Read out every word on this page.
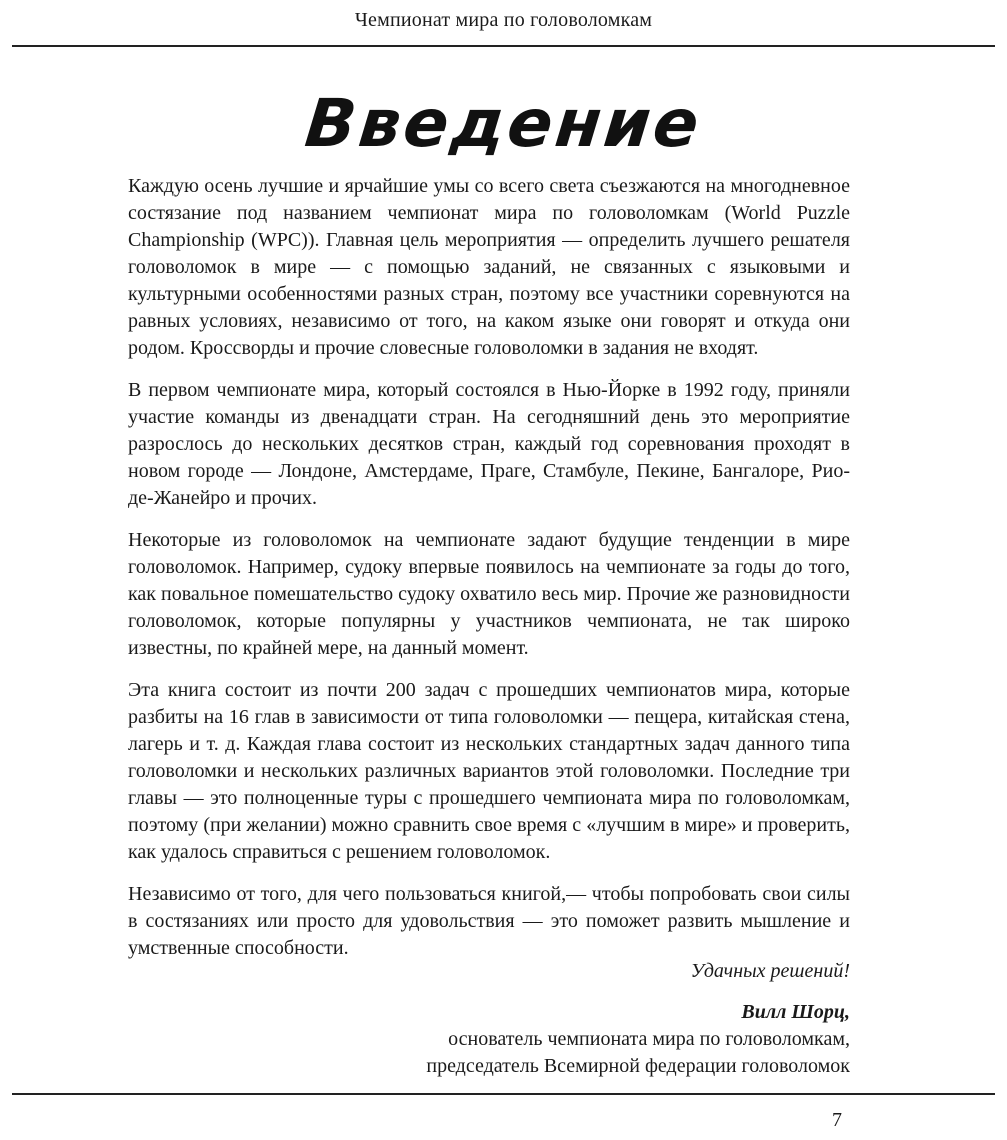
Чемпионат мира по головоломкам
Введение

Каждую осень лучшие и ярчайшие умы со всего света съезжаются на многодневное состязание под названием чемпионат мира по головоломкам (World Puzzle Championship (WPC)). Главная цель мероприятия — определить лучшего решателя головоломок в мире — с помощью заданий, не связанных с языковыми и культурными особенностями разных стран, поэтому все участники соревнуются на равных условиях, независимо от того, на каком языке они говорят и откуда они родом. Кроссворды и прочие словесные головоломки в задания не входят.

В первом чемпионате мира, который состоялся в Нью-Йорке в 1992 году, приняли участие команды из двенадцати стран. На сегодняшний день это мероприятие разрослось до нескольких десятков стран, каждый год соревнования проходят в новом городе — Лондоне, Амстердаме, Праге, Стамбуле, Пекине, Бангалоре, Рио-де-Жанейро и прочих.

Некоторые из головоломок на чемпионате задают будущие тенденции в мире головоломок. Например, судоку впервые появилось на чемпионате за годы до того, как повальное помешательство судоку охватило весь мир. Прочие же разновидности головоломок, которые популярны у участников чемпионата, не так широко известны, по крайней мере, на данный момент.

Эта книга состоит из почти 200 задач с прошедших чемпионатов мира, которые разбиты на 16 глав в зависимости от типа головоломки — пещера, китайская стена, лагерь и т. д. Каждая глава состоит из нескольких стандартных задач данного типа головоломки и нескольких различных вариантов этой головоломки. Последние три главы — это полноценные туры с прошедшего чемпионата мира по головоломкам, поэтому (при желании) можно сравнить свое время с «лучшим в мире» и проверить, как удалось справиться с решением головоломок.

Независимо от того, для чего пользоваться книгой,— чтобы попробовать свои силы в состязаниях или просто для удовольствия — это поможет развить мышление и умственные способности.

Удачных решений!
Вилл Шорц,
основатель чемпионата мира по головоломкам,
председатель Всемирной федерации головоломок
7
